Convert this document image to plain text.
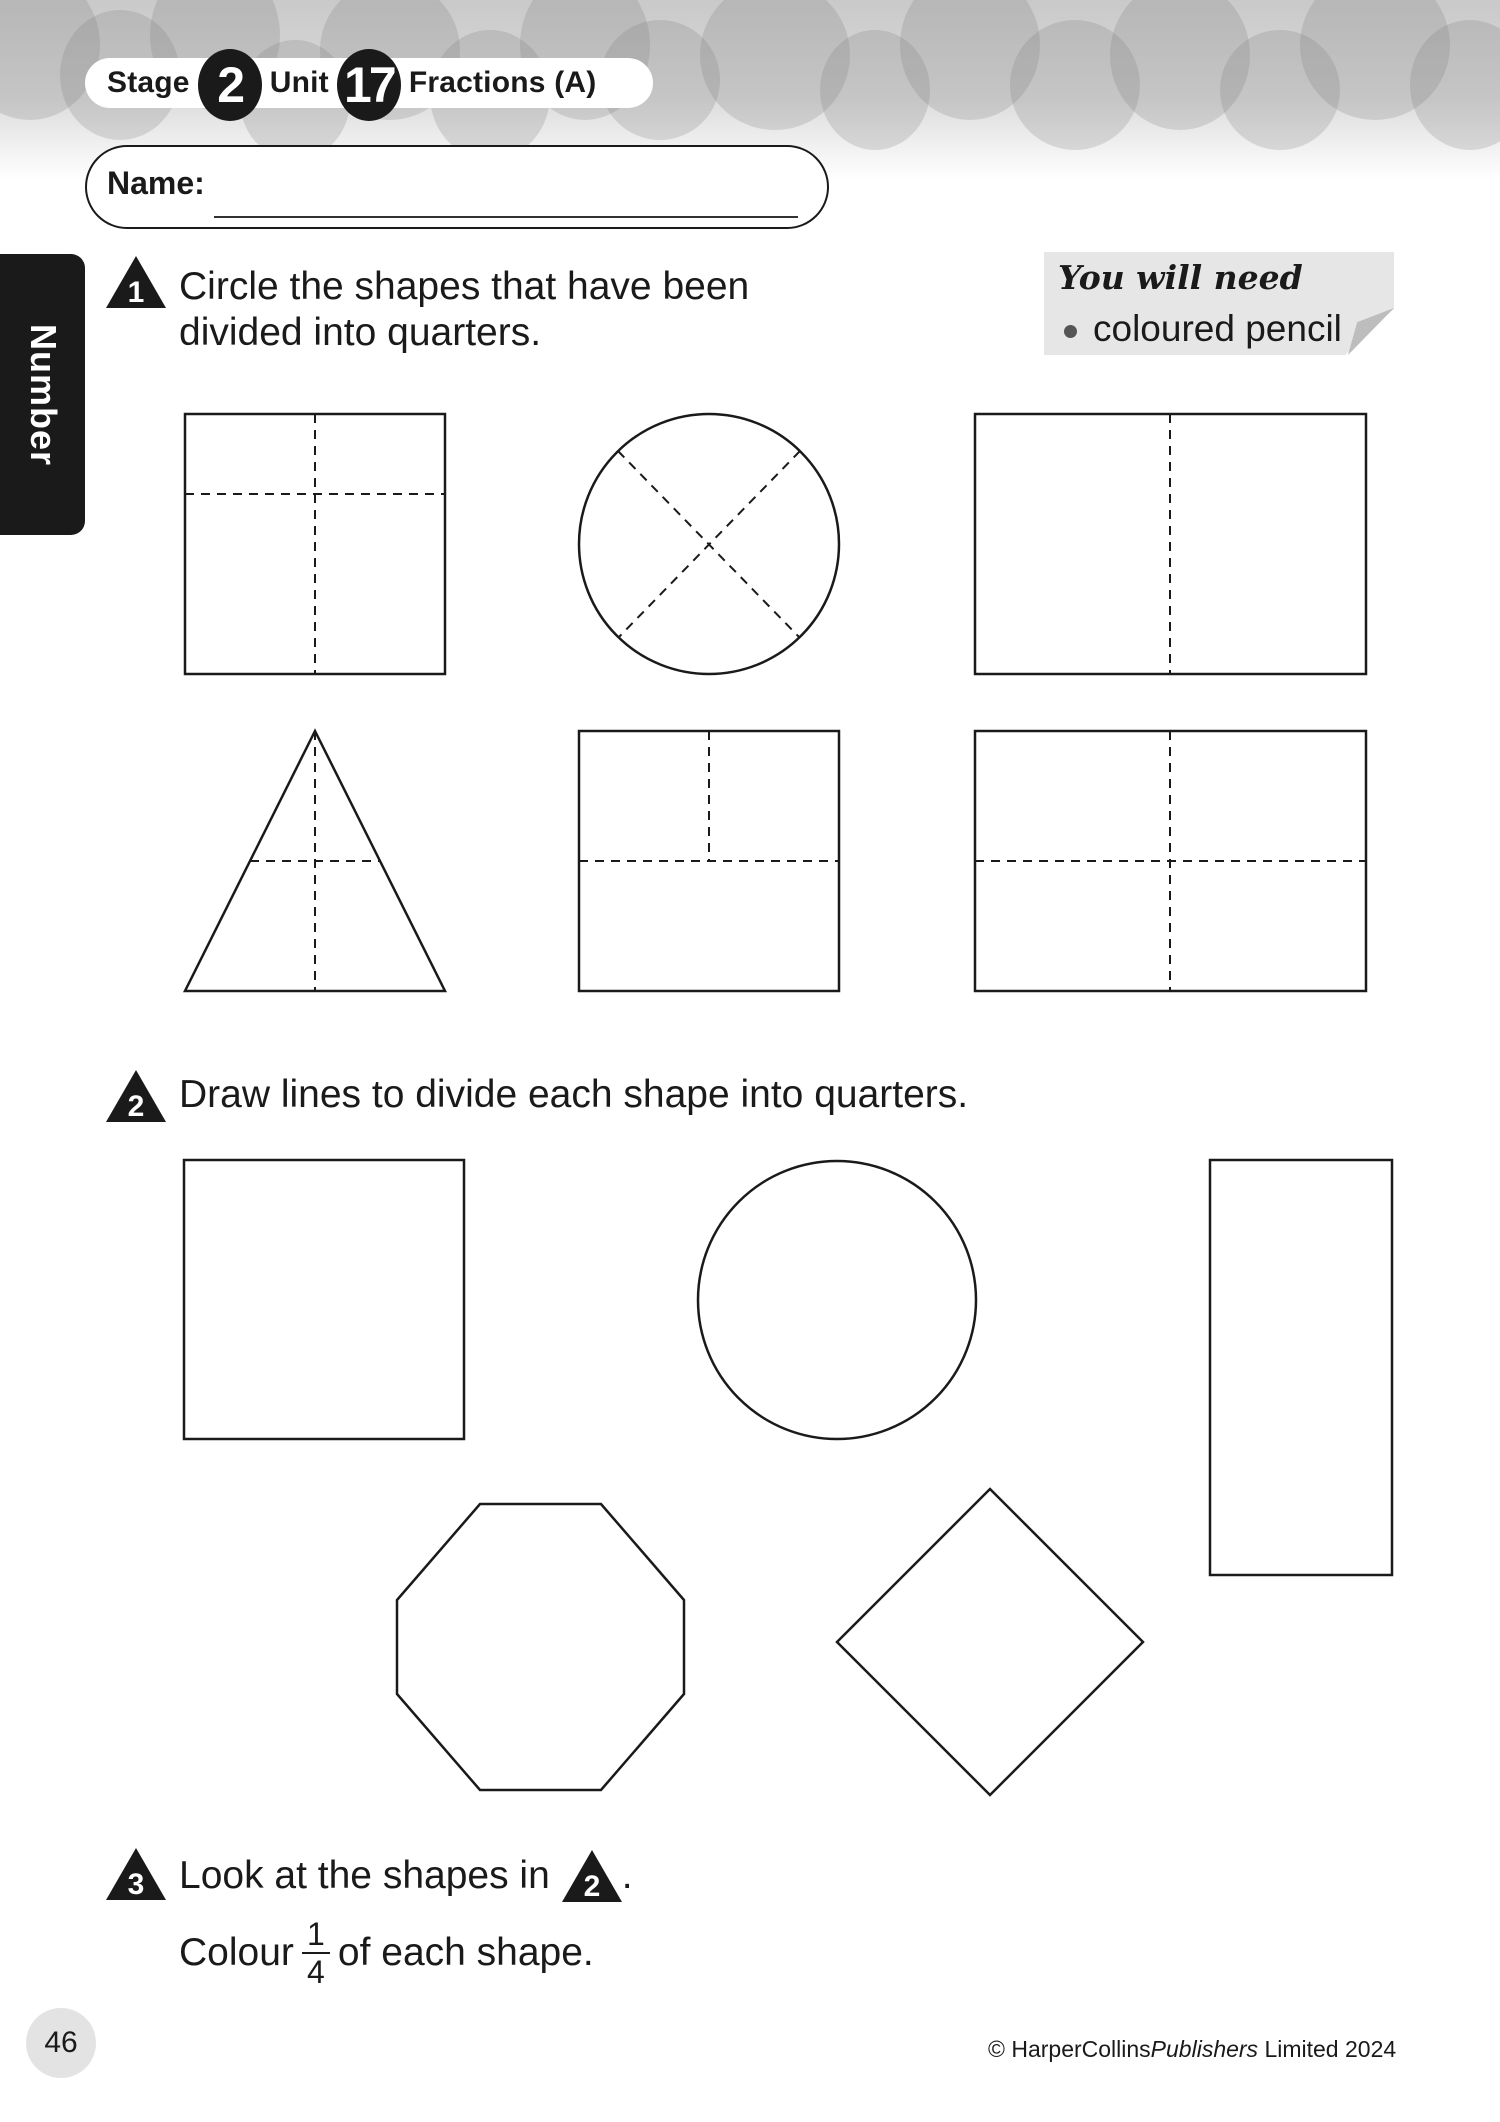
Stage 2 Unit 17 Fractions (A)
Name:
Number
You will need
coloured pencil
1 Circle the shapes that have been
divided into quarters.
2 Draw lines to divide each shape into quarters.
3 Look at the shapes in 2 .
Colour $\frac{1}{4}$ of each shape.
46	© HarperCollinsPublishers Limited 2024
